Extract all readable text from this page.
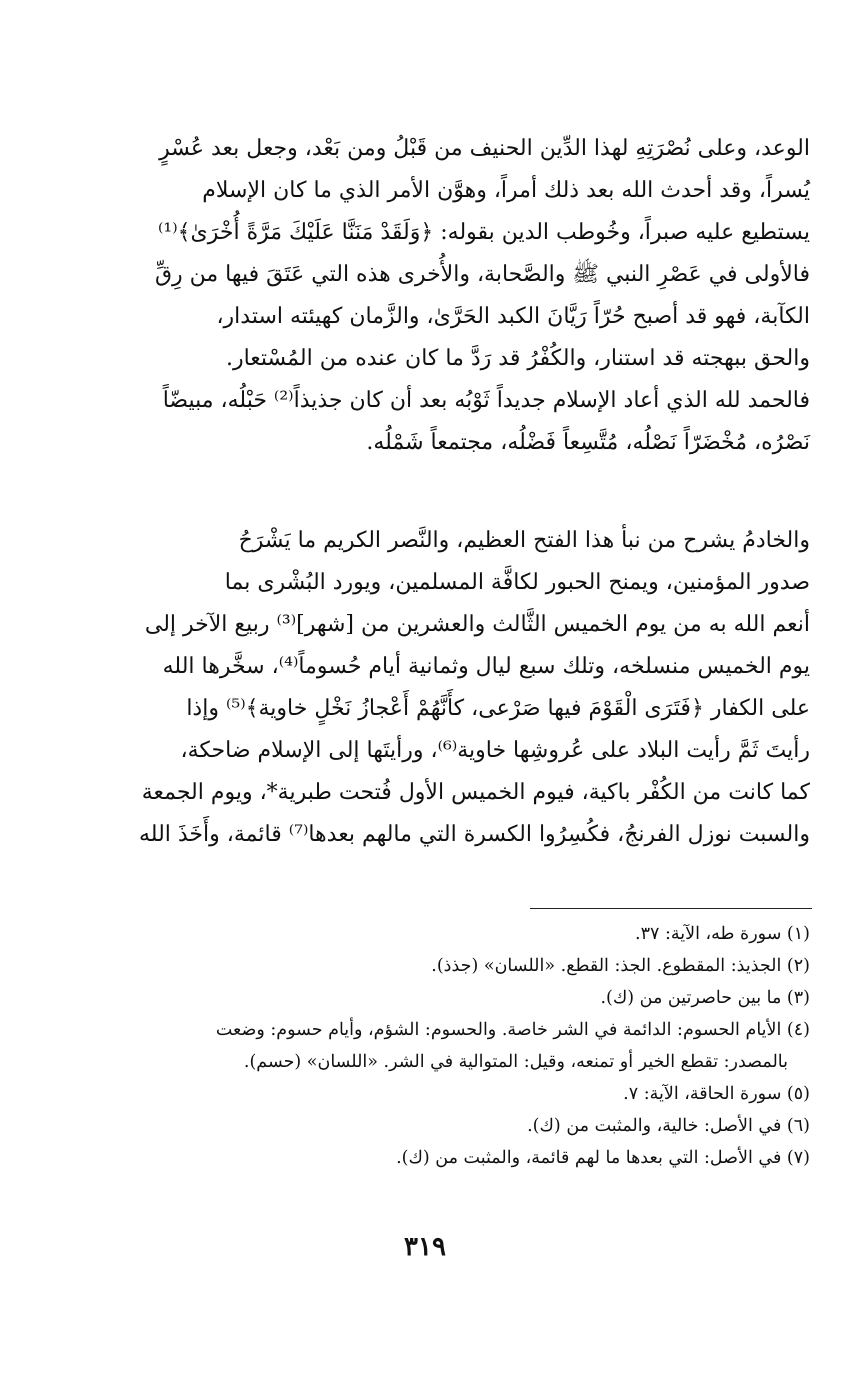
الوعد، وعلى نُصْرَتِهِ لهذا الدِّين الحنيف من قَبْلُ ومن بَعْد، وجعل بعد عُسْرٍ
يُسراً، وقد أحدث الله بعد ذلك أمراً، وهوَّن الأمر الذي ما كان الإسلام
يستطيع عليه صبراً، وخُوطب الدين بقوله: ﴿وَلَقَدْ مَنَنَّا عَلَيْكَ مَرَّةً أُخْرَىٰ﴾⁽¹⁾
فالأولى في عَصْرِ النبي ﷺ والصَّحابة، والأُخرى هذه التي عَتَقَ فيها من رِقِّ
الكآبة، فهو قد أصبح حُرّاً رَيَّانَ الكبد الحَرَّىٰ، والزَّمان كهيئته استدار،
والحق ببهجته قد استنار، والكُفْرُ قد رَدَّ ما كان عنده من المُسْتعار.
فالحمد لله الذي أعاد الإسلام جديداً ثَوْبُه بعد أن كان جذيذاً⁽²⁾ حَبْلُه، مبيضّاً
نَصْرُه، مُخْضَرّاً نَصْلُه، مُتَّسِعاً فَضْلُه، مجتمعاً شَمْلُه.
والخادمُ يشرح من نبأ هذا الفتح العظيم، والنَّصر الكريم ما يَشْرَحُ
صدور المؤمنين، ويمنح الحبور لكافَّة المسلمين، ويورد البُشْرى بما
أنعم الله به من يوم الخميس الثَّالث والعشرين من [شهر]⁽³⁾ ربيع الآخر إلى
يوم الخميس منسلخه، وتلك سبع ليال وثمانية أيام حُسوماً⁽⁴⁾، سخَّرها الله
على الكفار ﴿فَتَرَى الْقَوْمَ فيها صَرْعى، كأَنَّهُمْ أَعْجازُ نَخْلٍ خاوية﴾⁽⁵⁾ وإذا
رأيتَ ثَمَّ رأيت البلاد على عُروشِها خاوية⁽⁶⁾، ورأيتَها إلى الإسلام ضاحكة،
كما كانت من الكُفْر باكية، فيوم الخميس الأول فُتحت طبرية*، ويوم الجمعة
والسبت نوزل الفرنجُ، فكُسِرُوا الكسرة التي مالهم بعدها⁽⁷⁾ قائمة، وأَخَذَ الله
(١) سورة طه، الآية: ٣٧.
(٢) الجذيذ: المقطوع. الجذ: القطع. «اللسان» (جذذ).
(٣) ما بين حاصرتين من (ك).
(٤) الأيام الحسوم: الدائمة في الشر خاصة. والحسوم: الشؤم، وأيام حسوم: وضعت
بالمصدر: تقطع الخير أو تمنعه، وقيل: المتوالية في الشر. «اللسان» (حسم).
(٥) سورة الحاقة، الآية: ٧.
(٦) في الأصل: خالية، والمثبت من (ك).
(٧) في الأصل: التي بعدها ما لهم قائمة، والمثبت من (ك).
٣١٩
